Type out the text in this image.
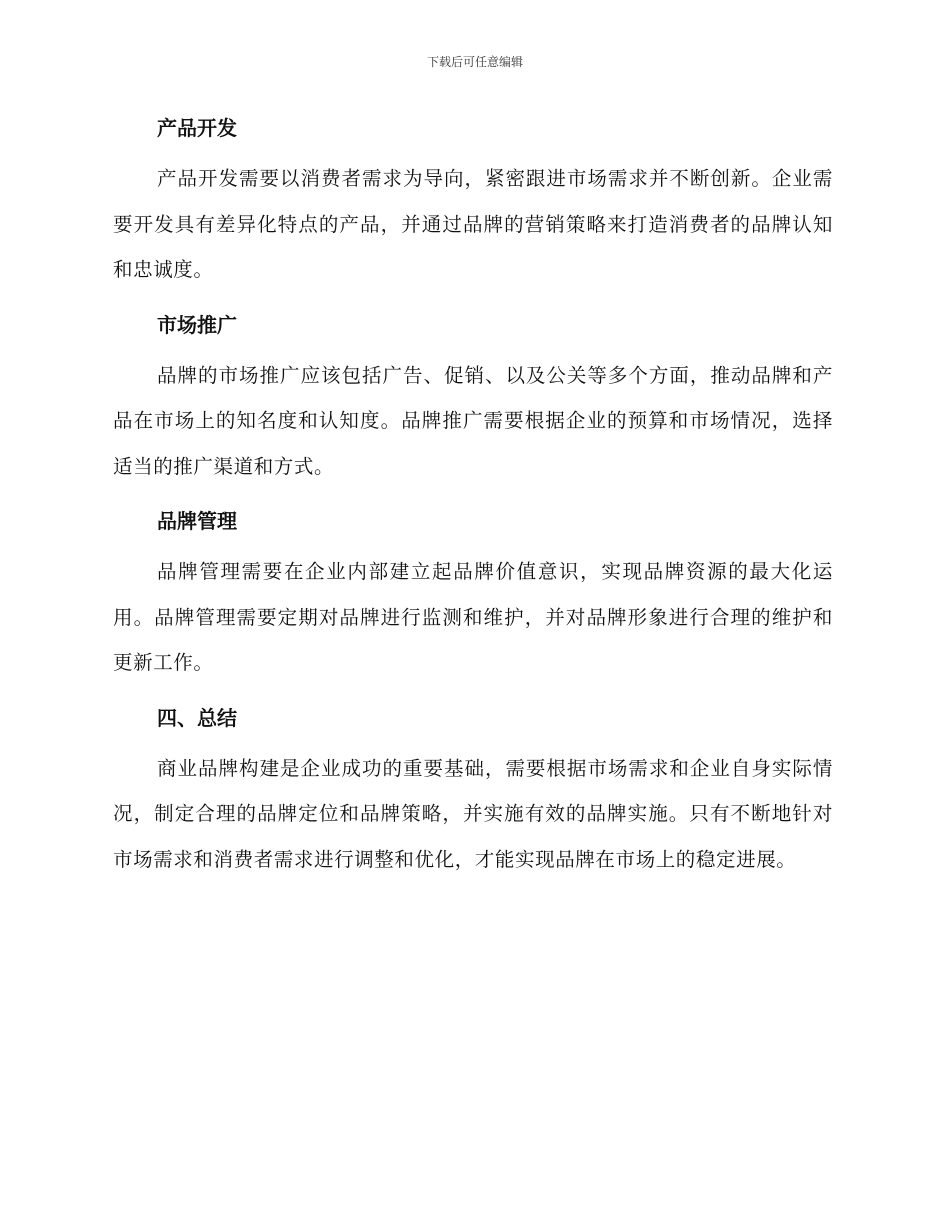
下载后可任意编辑
产品开发

产品开发需要以消费者需求为导向，紧密跟进市场需求并不断创新。企业需要开发具有差异化特点的产品，并通过品牌的营销策略来打造消费者的品牌认知和忠诚度。

市场推广

品牌的市场推广应该包括广告、促销、以及公关等多个方面，推动品牌和产品在市场上的知名度和认知度。品牌推广需要根据企业的预算和市场情况，选择适当的推广渠道和方式。

品牌管理

品牌管理需要在企业内部建立起品牌价值意识，实现品牌资源的最大化运用。品牌管理需要定期对品牌进行监测和维护，并对品牌形象进行合理的维护和更新工作。

四、总结

商业品牌构建是企业成功的重要基础，需要根据市场需求和企业自身实际情况，制定合理的品牌定位和品牌策略，并实施有效的品牌实施。只有不断地针对市场需求和消费者需求进行调整和优化，才能实现品牌在市场上的稳定进展。
